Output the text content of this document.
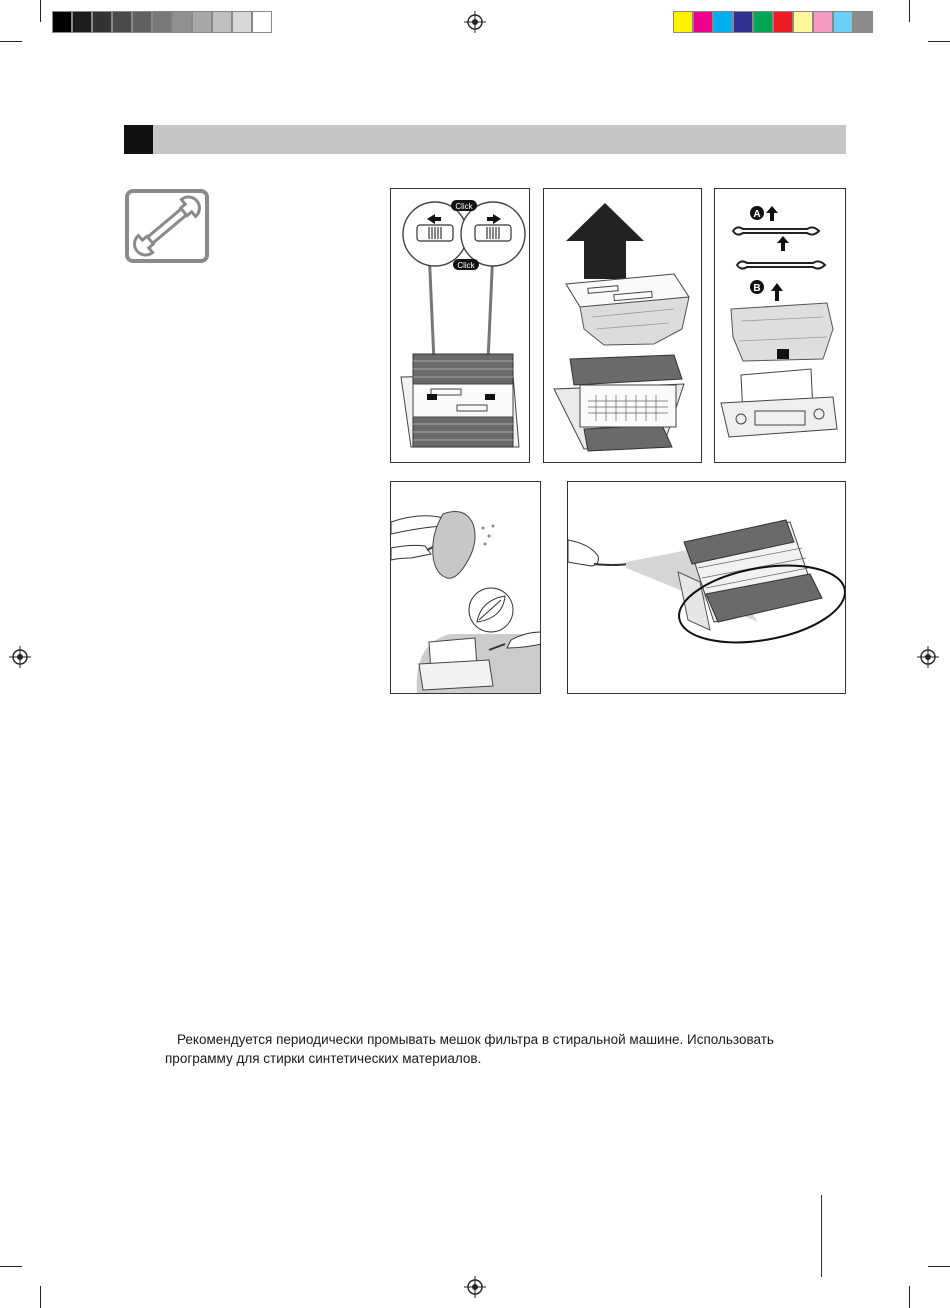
Click
Click
A
B
Рекомендуется периодически промывать мешок фильтра в стиральной машине. Использовать
программу для стирки синтетических материалов.
